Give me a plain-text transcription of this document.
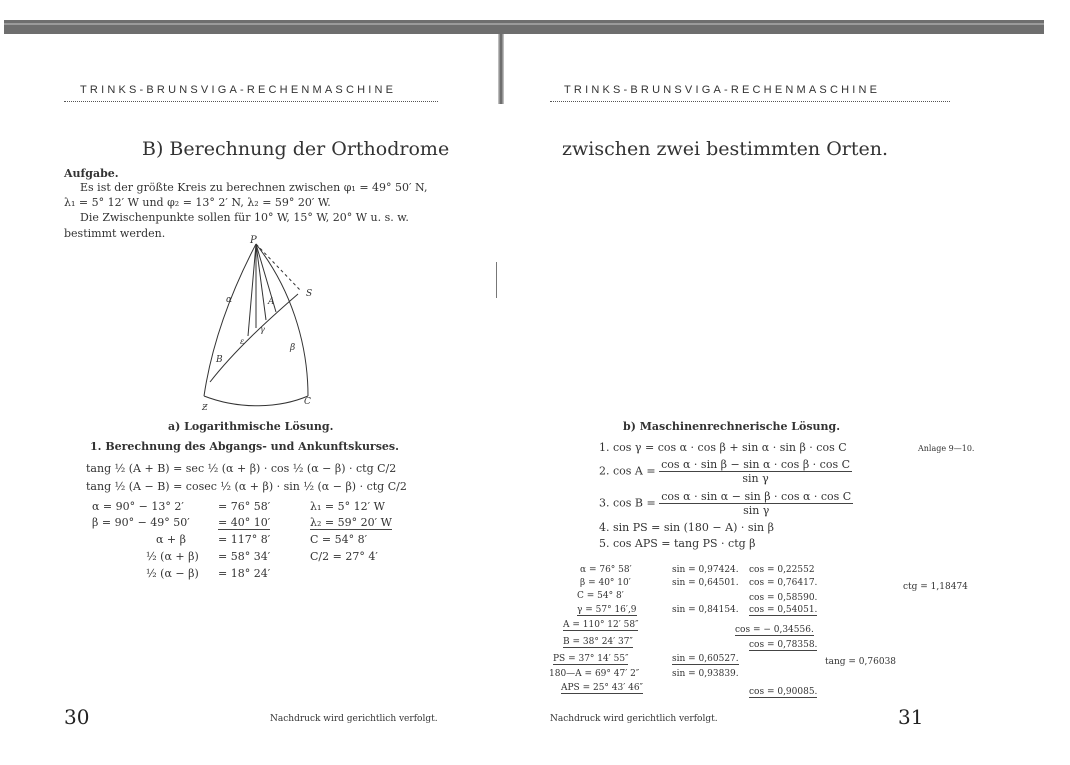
TRINKS-BRUNSVIGA-RECHENMASCHINE
B) Berechnung der Orthodrome
Aufgabe.
Es ist der größte Kreis zu berechnen zwischen φ₁ = 49° 50′ N,
λ₁ = 5° 12′ W und φ₂ = 13° 2′ N, λ₂ = 59° 20′ W.
Die Zwischenpunkte sollen für 10° W, 15° W, 20° W u. s. w.
bestimmt werden.
P
S
α	A
β
γ
ε
B
Ƶ
C
a) Logarithmische Lösung.
1. Berechnung des Abgangs- und Ankunftskurses.
tang ½ (A + B) = sec ½ (α + β) · cos ½ (α − β) · ctg C/2
tang ½ (A − B) = cosec ½ (α + β) · sin ½ (α − β) · ctg C/2
α = 90° − 13° 2′	= 76° 58′	λ₁ = 5° 12′ W
β = 90° − 49° 50′	= 40° 10′	λ₂ = 59° 20′ W
α + β	= 117° 8′	C = 54° 8′
½ (α + β) = 58° 34′	C/2 = 27° 4′
½ (α − β) = 18° 24′
30	Nachdruck wird gerichtlich verfolgt.
TRINKS-BRUNSVIGA-RECHENMASCHINE
zwischen zwei bestimmten Orten.
b) Maschinenrechnerische Lösung.
Anlage 9—10.
1. cos γ = cos α · cos β + sin α · sin β · cos C
2. $\cos A = \frac{\text{cos α · sin β − sin α · cos β · cos C}}{\text{sin γ}}$
3. $\cos B = \frac{\text{cos α · sin α − sin β · cos α · cos C}}{\text{sin γ}}$
4. sin PS = sin (180 − A) · sin β
5. cos APS = tang PS · ctg β
α = 76° 58′	sin = 0,97424. cos = 0,22552
β = 40° 10′	sin = 0,64501. cos = 0,76417.	ctg = 1,18474
C = 54° 8′	cos = 0,58590.
γ = 57° 16′,9	sin = 0,84154. cos = 0,54051.
A = 110° 12′ 58″	cos = − 0,34556.
B = 38° 24′ 37″	cos = 0,78358.
PS = 37° 14′ 55″	sin = 0,60527.	tang = 0,76038
180—A = 69° 47′ 2″	sin = 0,93839.
APS = 25° 43′ 46″	cos = 0,90085.
Nachdruck wird gerichtlich verfolgt.	31
